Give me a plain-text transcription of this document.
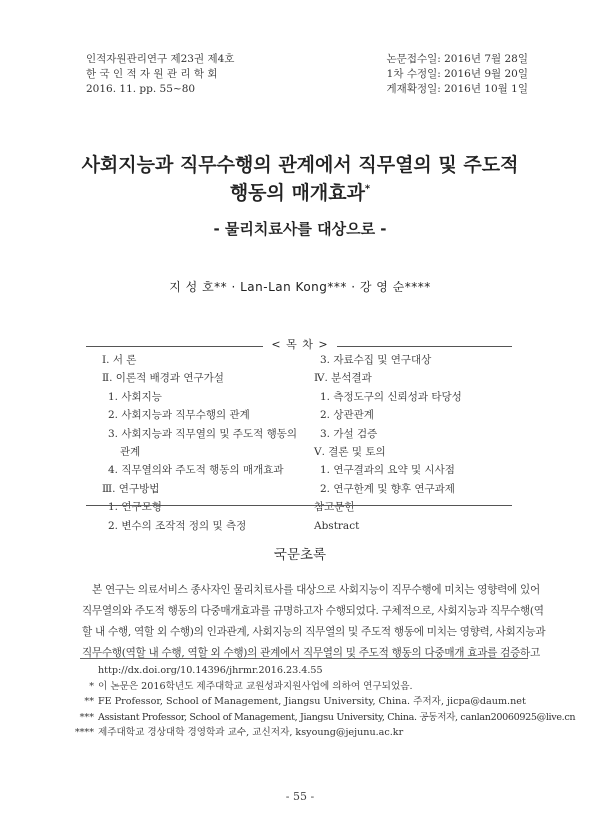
인적자원관리연구 제23권 제4호
한 국 인 적 자 원 관 리 학 회
2016. 11. pp. 55~80
논문접수일: 2016년 7월 28일
1차 수정일: 2016년 9월 20일
게재확정일: 2016년 10월 1일
사회지능과 직무수행의 관계에서 직무열의 및 주도적
행동의 매개효과*
- 물리치료사를 대상으로 -
지 성 호** · Lan-Lan Kong*** · 강 영 순****
< 목 차 >
Ⅰ. 서 론
Ⅱ. 이론적 배경과 연구가설
1. 사회지능
2. 사회지능과 직무수행의 관계
3. 사회지능과 직무열의 및 주도적 행동의
관계
4. 직무열의와 주도적 행동의 매개효과
Ⅲ. 연구방법
1. 연구모형
2. 변수의 조작적 정의 및 측정
3. 자료수집 및 연구대상
Ⅳ. 분석결과
1. 측정도구의 신뢰성과 타당성
2. 상관관계
3. 가설 검증
Ⅴ. 결론 및 토의
1. 연구결과의 요약 및 시사점
2. 연구한계 및 향후 연구과제
참고문헌
Abstract
국문초록
본 연구는 의료서비스 종사자인 물리치료사를 대상으로 사회지능이 직무수행에 미치는 영향력에 있어
직무열의와 주도적 행동의 다중매개효과를 규명하고자 수행되었다. 구체적으로, 사회지능과 직무수행(역
할 내 수행, 역할 외 수행)의 인과관계, 사회지능의 직무열의 및 주도적 행동에 미치는 영향력, 사회지능과
직무수행(역할 내 수행, 역할 외 수행)의 관계에서 직무열의 및 주도적 행동의 다중매개 효과를 검증하고
http://dx.doi.org/10.14396/jhrmr.2016.23.4.55
* 이 논문은 2016학년도 제주대학교 교원성과지원사업에 의하여 연구되었음.
** FE Professor, School of Management, Jiangsu University, China. 주저자, jicpa@daum.net
*** Assistant Professor, School of Management, Jiangsu University, China. 공동저자, canlan20060925@live.cn
**** 제주대학교 경상대학 경영학과 교수, 교신저자, ksyoung@jejunu.ac.kr
- 55 -
